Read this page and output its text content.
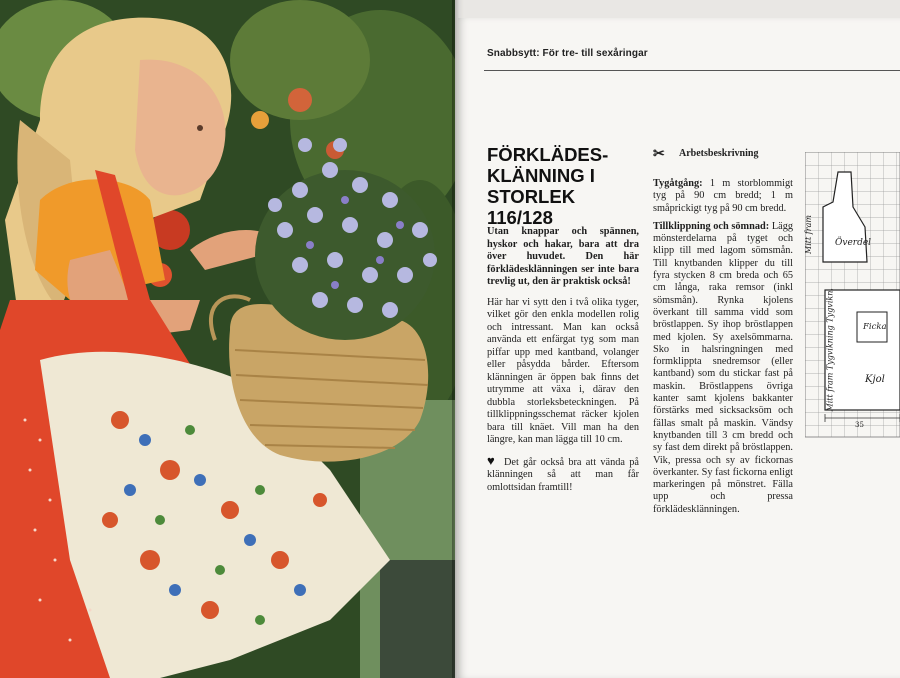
Snabbsytt: För tre- till sexåringar
FÖRKLÄDES-
KLÄNNING I
STORLEK 116/128

Utan knappar och spännen, hyskor och hakar, bara att dra över huvudet. Den här förklädesklänningen ser inte bara trevlig ut, den är praktisk också!

Här har vi sytt den i två olika tyger, vilket gör den enkla modellen rolig och intressant. Man kan också använda ett enfärgat tyg som man piffar upp med kantband, volanger eller påsydda bårder. Eftersom klänningen är öppen bak finns det utrymme att växa i, därav den dubbla storleksbeteckningen. På tillklippningsschemat räcker kjolen bara till knäet. Vill man ha den längre, kan man lägga till 10 cm.

♥ Det går också bra att vända på klänningen så att man får omlottsidan framtill!

✂ Arbetsbeskrivning

Tygåtgång: 1 m storblommigt tyg på 90 cm bredd; 1 m småprickigt tyg på 90 cm bredd.

Tillklippning och sömnad: Lägg mönsterdelarna på tyget och klipp till med lagom sömsmån. Till knytbanden klipper du till fyra stycken 8 cm breda och 65 cm långa, raka remsor (inkl sömsmån). Rynka kjolens överkant till samma vidd som bröstlappen. Sy ihop bröstlappen med kjolen. Sy axelsömmarna. Sko in halsringningen med formklippta snedremsor (eller kantband) som du stickar fast på maskin. Bröstlappens övriga kanter samt kjolens bakkanter förstärks med sicksacksöm och fällas smalt på maskin. Vändsy knytbanden till 3 cm bredd och sy fast dem direkt på bröstlappen. Vik, pressa och sy av fickornas överkanter. Sy fast fickorna enligt markeringen på mönstret. Fälla upp och pressa förklädesklänningen.

Överdel
Mitt fram
Mitt fram Tygvikning Tygvikn.	Ficka
Kjol
35
